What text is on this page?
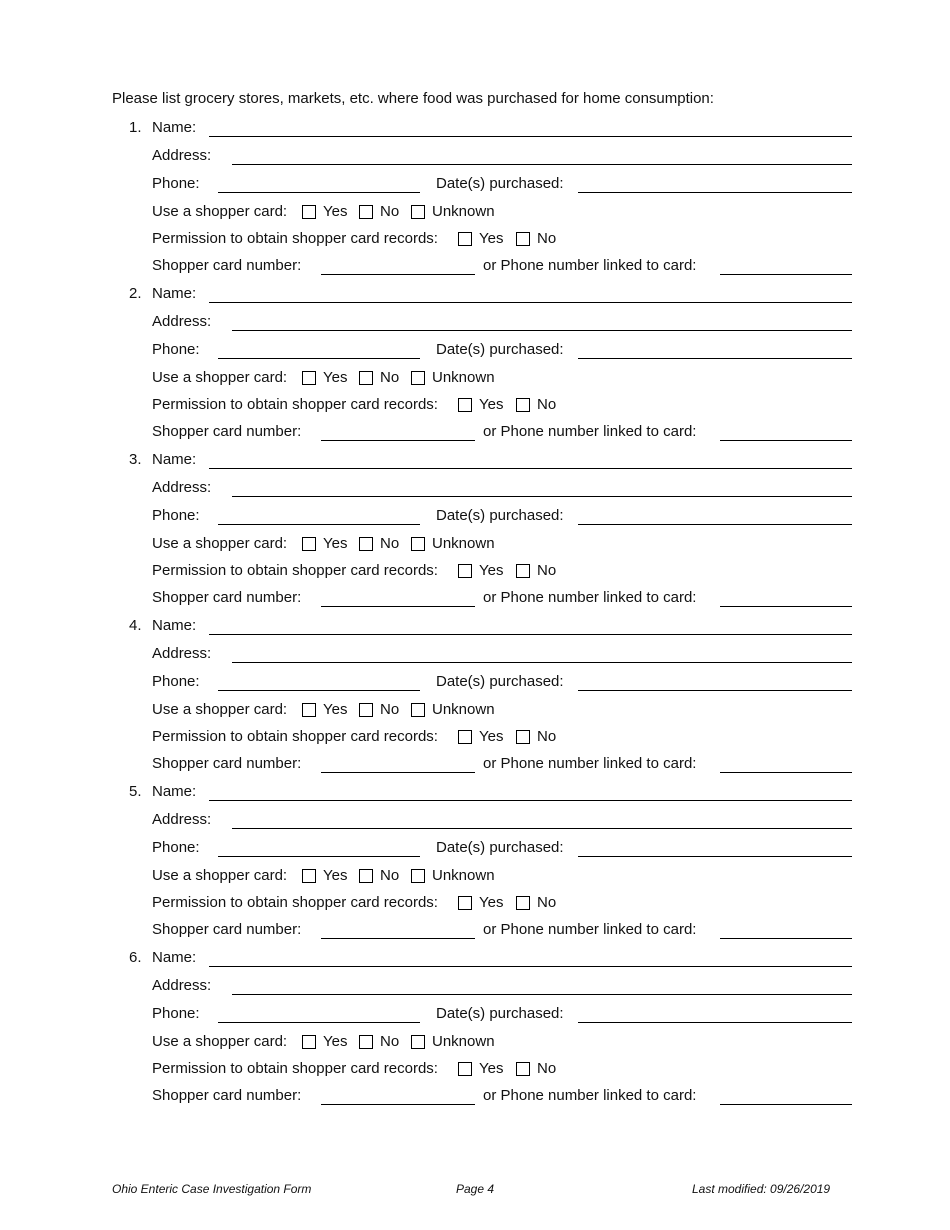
Please list grocery stores, markets, etc. where food was purchased for home consumption:
1. Name:
Address:
Phone:	Date(s) purchased:
Use a shopper card: Yes No Unknown
Permission to obtain shopper card records:	Yes No
Shopper card number:	or Phone number linked to card:
2. Name:
Address:
Phone:	Date(s) purchased:
Use a shopper card: Yes No Unknown
Permission to obtain shopper card records:	Yes No
Shopper card number:	or Phone number linked to card:
3. Name:
Address:
Phone:	Date(s) purchased:
Use a shopper card: Yes No Unknown
Permission to obtain shopper card records:	Yes No
Shopper card number:	or Phone number linked to card:
4. Name:
Address:
Phone:	Date(s) purchased:
Use a shopper card: Yes No Unknown
Permission to obtain shopper card records:	Yes No
Shopper card number:	or Phone number linked to card:
5. Name:
Address:
Phone:	Date(s) purchased:
Use a shopper card: Yes No Unknown
Permission to obtain shopper card records:	Yes No
Shopper card number:	or Phone number linked to card:
6. Name:
Address:
Phone:	Date(s) purchased:
Use a shopper card: Yes No Unknown
Permission to obtain shopper card records:	Yes No
Shopper card number:	or Phone number linked to card:
Ohio Enteric Case Investigation Form	Page 4	Last modified: 09/26/2019
